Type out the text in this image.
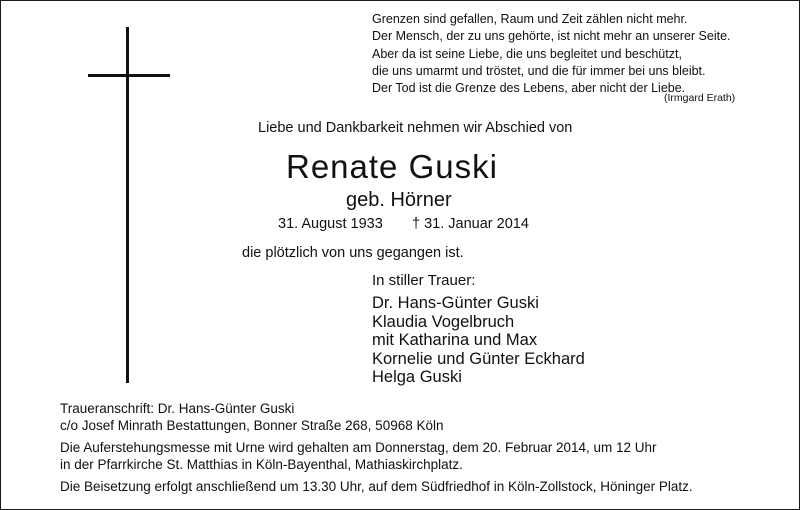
Grenzen sind gefallen, Raum und Zeit zählen nicht mehr.
Der Mensch, der zu uns gehörte, ist nicht mehr an unserer Seite.
Aber da ist seine Liebe, die uns begleitet und beschützt,
die uns umarmt und tröstet, und die für immer bei uns bleibt.
Der Tod ist die Grenze des Lebens, aber nicht der Liebe.
(Irmgard Erath)
Liebe und Dankbarkeit nehmen wir Abschied von
Renate Guski
geb. Hörner
31. August 1933 † 31. Januar 2014
die plötzlich von uns gegangen ist.
In stiller Trauer:
Dr. Hans-Günter Guski
Klaudia Vogelbruch
mit Katharina und Max
Kornelie und Günter Eckhard
Helga Guski
Traueranschrift: Dr. Hans-Günter Guski
c/o Josef Minrath Bestattungen, Bonner Straße 268, 50968 Köln
Die Auferstehungsmesse mit Urne wird gehalten am Donnerstag, dem 20. Februar 2014, um 12 Uhr
in der Pfarrkirche St. Matthias in Köln-Bayenthal, Mathiaskirchplatz.
Die Beisetzung erfolgt anschließend um 13.30 Uhr, auf dem Südfriedhof in Köln-Zollstock, Höninger Platz.
